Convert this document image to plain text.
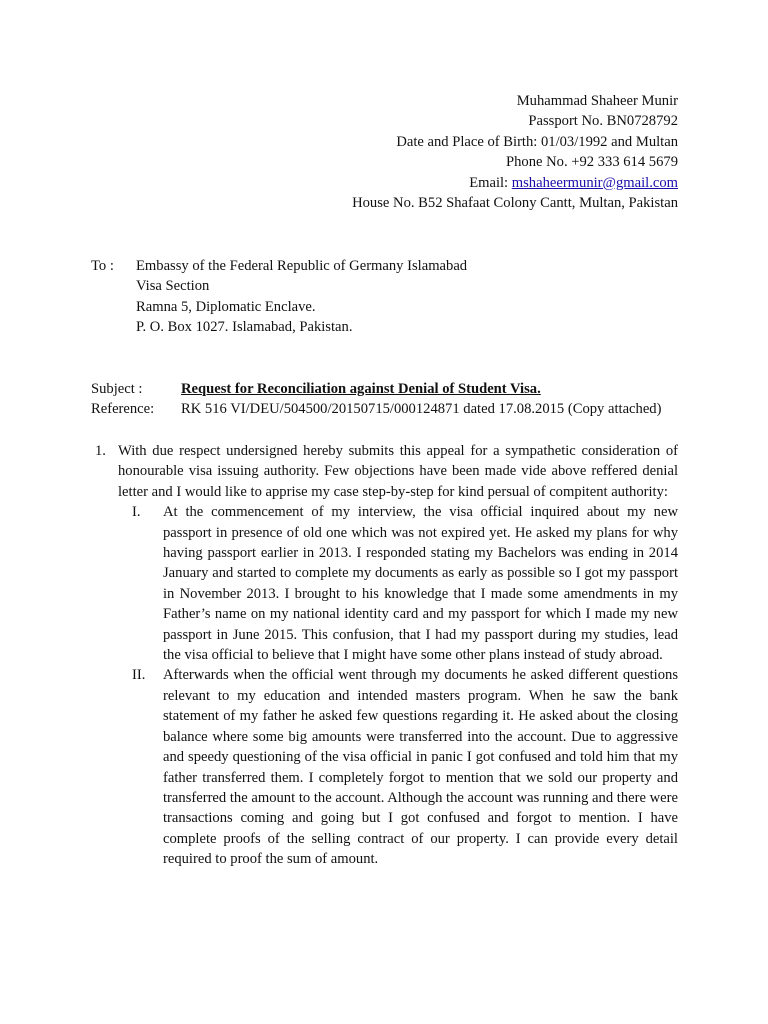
Muhammad Shaheer Munir
Passport No. BN0728792
Date and Place of Birth: 01/03/1992 and Multan
Phone No. +92 333 614 5679
Email: mshaheermunir@gmail.com
House No. B52 Shafaat Colony Cantt, Multan, Pakistan
To : Embassy of the Federal Republic of Germany Islamabad
Visa Section
Ramna 5, Diplomatic Enclave.
P. O. Box 1027. Islamabad, Pakistan.
Subject :	Request for Reconciliation against Denial of Student Visa.
Reference: RK 516 VI/DEU/504500/20150715/000124871 dated 17.08.2015 (Copy attached)
1. With due respect undersigned hereby submits this appeal for a sympathetic consideration of honourable visa issuing authority. Few objections have been made vide above reffered denial letter and I would like to apprise my case step-by-step for kind persual of compitent authority:
I. At the commencement of my interview, the visa official inquired about my new passport in presence of old one which was not expired yet. He asked my plans for why having passport earlier in 2013. I responded stating my Bachelors was ending in 2014 January and started to complete my documents as early as possible so I got my passport in November 2013. I brought to his knowledge that I made some amendments in my Father’s name on my national identity card and my passport for which I made my new passport in June 2015. This confusion, that I had my passport during my studies, lead the visa official to believe that I might have some other plans instead of study abroad.
II. Afterwards when the official went through my documents he asked different questions relevant to my education and intended masters program. When he saw the bank statement of my father he asked few questions regarding it. He asked about the closing balance where some big amounts were transferred into the account. Due to aggressive and speedy questioning of the visa official in panic I got confused and told him that my father transferred them. I completely forgot to mention that we sold our property and transferred the amount to the account. Although the account was running and there were transactions coming and going but I got confused and forgot to mention. I have complete proofs of the selling contract of our property. I can provide every detail required to proof the sum of amount.
